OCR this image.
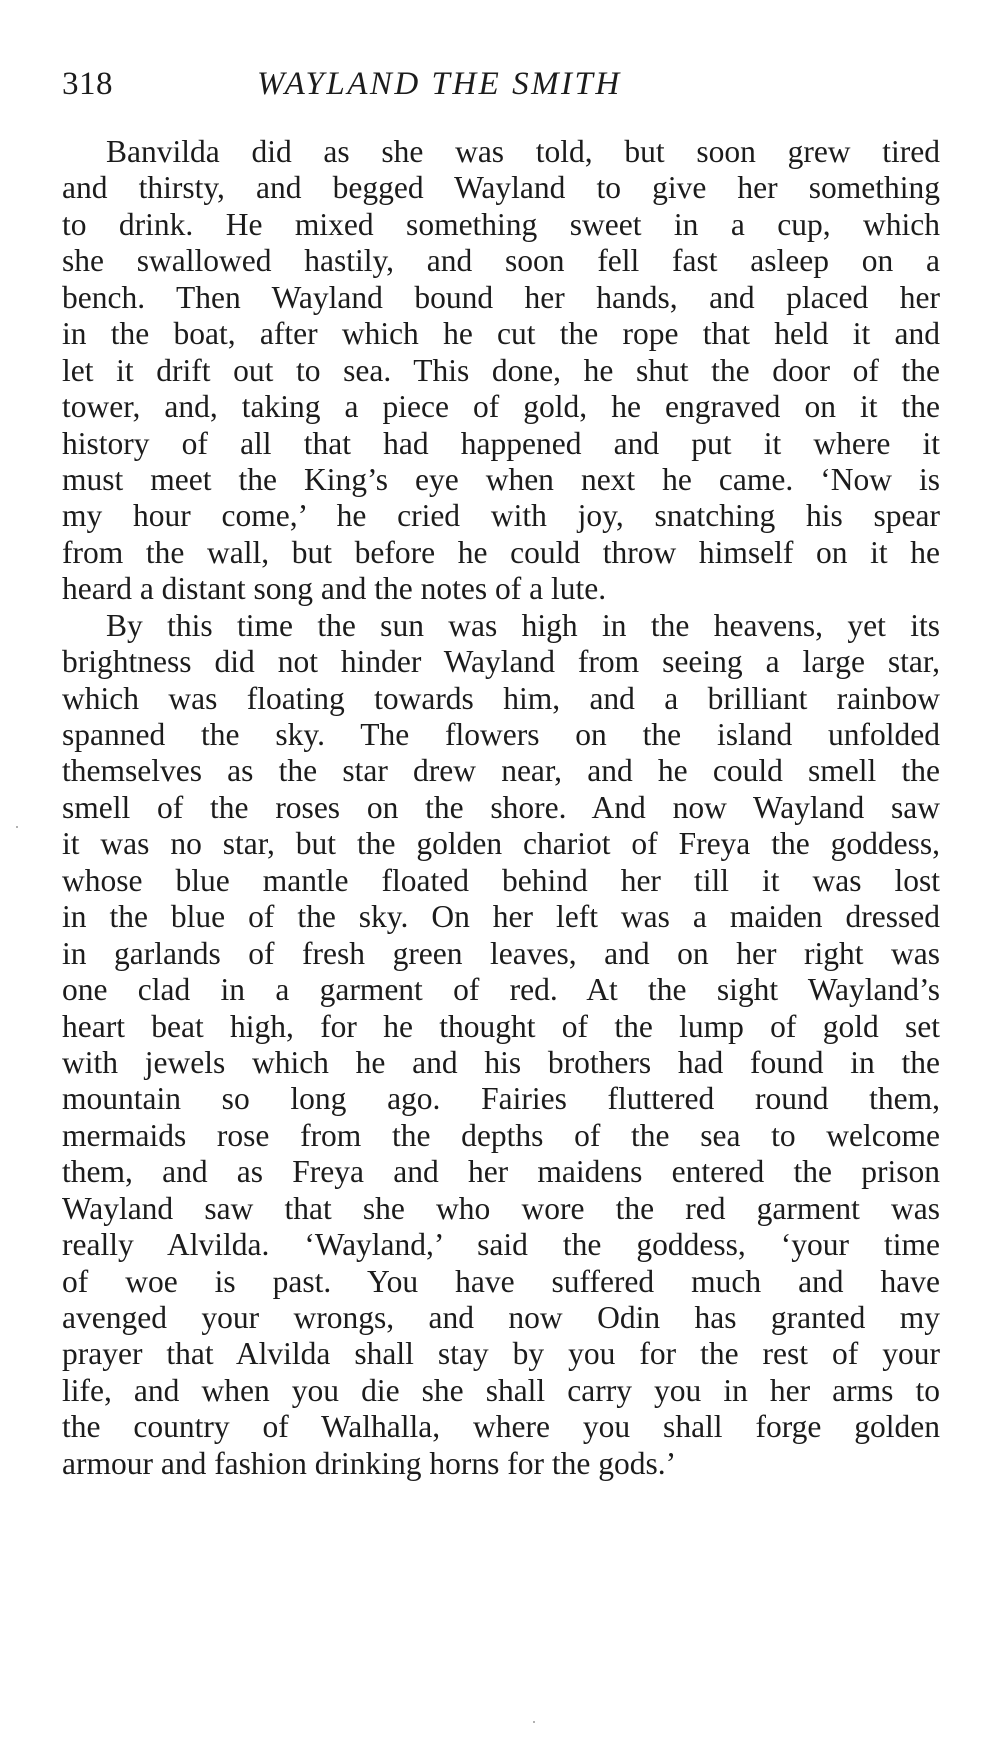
318	WAYLAND THE SMITH
Banvilda did as she was told, but soon grew tired
and thirsty, and begged Wayland to give her something
to drink. He mixed something sweet in a cup, which
she swallowed hastily, and soon fell fast asleep on a
bench. Then Wayland bound her hands, and placed her
in the boat, after which he cut the rope that held it and
let it drift out to sea. This done, he shut the door of the
tower, and, taking a piece of gold, he engraved on it the
history of all that had happened and put it where it
must meet the King’s eye when next he came. ‘Now is
my hour come,’ he cried with joy, snatching his spear
from the wall, but before he could throw himself on it he
heard a distant song and the notes of a lute.
By this time the sun was high in the heavens, yet its
brightness did not hinder Wayland from seeing a large star,
which was floating towards him, and a brilliant rainbow
spanned the sky. The flowers on the island unfolded
themselves as the star drew near, and he could smell the
smell of the roses on the shore. And now Wayland saw
it was no star, but the golden chariot of Freya the goddess,
whose blue mantle floated behind her till it was lost
in the blue of the sky. On her left was a maiden dressed
in garlands of fresh green leaves, and on her right was
one clad in a garment of red. At the sight Wayland’s
heart beat high, for he thought of the lump of gold set
with jewels which he and his brothers had found in the
mountain so long ago. Fairies fluttered round them,
mermaids rose from the depths of the sea to welcome
them, and as Freya and her maidens entered the prison
Wayland saw that she who wore the red garment was
really Alvilda. ‘Wayland,’ said the goddess, ‘your time
of woe is past. You have suffered much and have
avenged your wrongs, and now Odin has granted my
prayer that Alvilda shall stay by you for the rest of your
life, and when you die she shall carry you in her arms to
the country of Walhalla, where you shall forge golden
armour and fashion drinking horns for the gods.’
